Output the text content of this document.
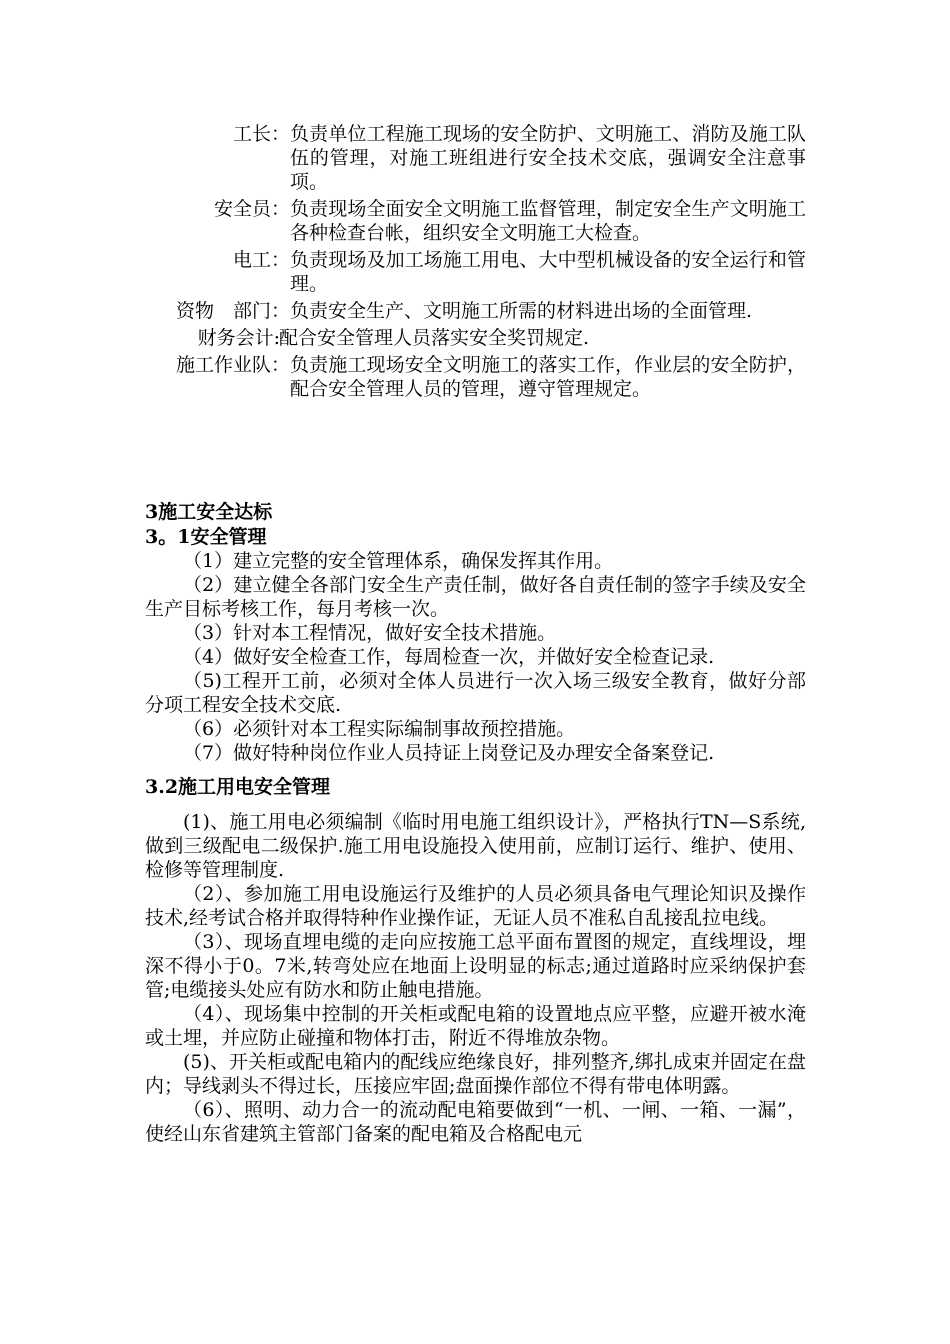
工长： 负责单位工程施工现场的安全防护、文明施工、消防及施工队伍的管理，对施工班组进行安全技术交底，强调安全注意事项。
安全员： 负责现场全面安全文明施工监督管理，制定安全生产文明施工各种检查台帐，组织安全文明施工大检查。
电工： 负责现场及加工场施工用电、大中型机械设备的安全运行和管理。
资物　部门： 负责安全生产、文明施工所需的材料进出场的全面管理.
财务会计: 配合安全管理人员落实安全奖罚规定.
施工作业队： 负责施工现场安全文明施工的落实工作，作业层的安全防护，配合安全管理人员的管理，遵守管理规定。
3施工安全达标
3。1安全管理

（1）建立完整的安全管理体系，确保发挥其作用。

（2）建立健全各部门安全生产责任制，做好各自责任制的签字手续及安全生产目标考核工作，每月考核一次。

（3）针对本工程情况，做好安全技术措施。

（4）做好安全检查工作，每周检查一次，并做好安全检查记录.

（5)工程开工前，必须对全体人员进行一次入场三级安全教育，做好分部分项工程安全技术交底.

（6）必须针对本工程实际编制事故预控措施。

（7）做好特种岗位作业人员持证上岗登记及办理安全备案登记.

3.2施工用电安全管理

(1)、施工用电必须编制《临时用电施工组织设计》，严格执行TN—S系统,做到三级配电二级保护.施工用电设施投入使用前，应制订运行、维护、使用、检修等管理制度.

（2）、参加施工用电设施运行及维护的人员必须具备电气理论知识及操作技术,经考试合格并取得特种作业操作证，无证人员不准私自乱接乱拉电线。

（3）、现场直埋电缆的走向应按施工总平面布置图的规定，直线埋设，埋深不得小于0。7米,转弯处应在地面上设明显的标志;通过道路时应采纳保护套管;电缆接头处应有防水和防止触电措施。

（4）、现场集中控制的开关柜或配电箱的设置地点应平整，应避开被水淹或土埋，并应防止碰撞和物体打击，附近不得堆放杂物。

(5)、开关柜或配电箱内的配线应绝缘良好，排列整齐,绑扎成束并固定在盘内；导线剥头不得过长，压接应牢固;盘面操作部位不得有带电体明露。

（6）、照明、动力合一的流动配电箱要做到“一机、一闸、一箱、一漏”， 使经山东省建筑主管部门备案的配电箱及合格配电元
